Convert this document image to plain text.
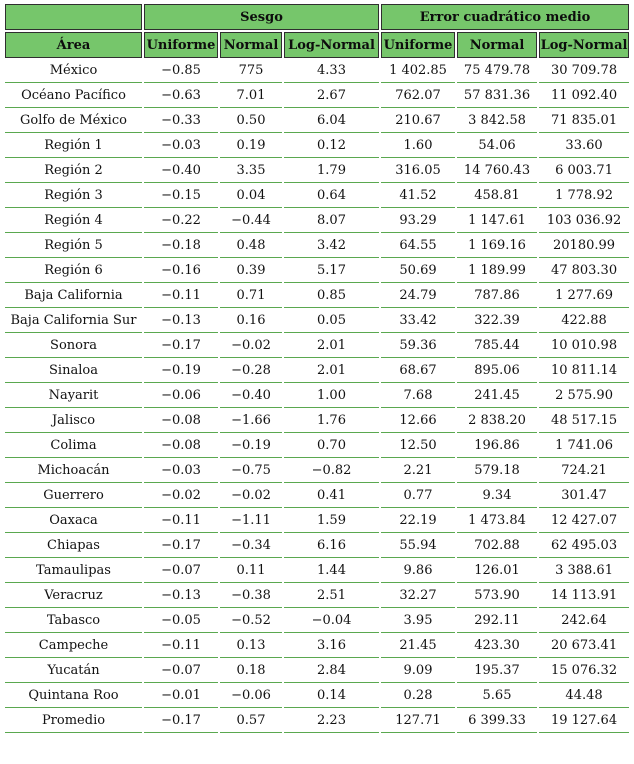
	Sesgo			Error cuadrático medio		

Área	Uniforme	Normal	Log-Normal	Uniforme	Normal	Log-Normal
México	−0.85	775	4.33	1 402.85	75 479.78	30 709.78
Océano Pacífico	−0.63	7.01	2.67	762.07	57 831.36	11 092.40
Golfo de México	−0.33	0.50	6.04	210.67	3 842.58	71 835.01
Región 1	−0.03	0.19	0.12	1.60	54.06	33.60
Región 2	−0.40	3.35	1.79	316.05	14 760.43	6 003.71
Región 3	−0.15	0.04	0.64	41.52	458.81	1 778.92
Región 4	−0.22	−0.44	8.07	93.29	1 147.61	103 036.92
Región 5	−0.18	0.48	3.42	64.55	1 169.16	20180.99
Región 6	−0.16	0.39	5.17	50.69	1 189.99	47 803.30
Baja California	−0.11	0.71	0.85	24.79	787.86	1 277.69
Baja California Sur	−0.13	0.16	0.05	33.42	322.39	422.88
Sonora	−0.17	−0.02	2.01	59.36	785.44	10 010.98
Sinaloa	−0.19	−0.28	2.01	68.67	895.06	10 811.14
Nayarit	−0.06	−0.40	1.00	7.68	241.45	2 575.90
Jalisco	−0.08	−1.66	1.76	12.66	2 838.20	48 517.15
Colima	−0.08	−0.19	0.70	12.50	196.86	1 741.06
Michoacán	−0.03	−0.75	−0.82	2.21	579.18	724.21
Guerrero	−0.02	−0.02	0.41	0.77	9.34	301.47
Oaxaca	−0.11	−1.11	1.59	22.19	1 473.84	12 427.07
Chiapas	−0.17	−0.34	6.16	55.94	702.88	62 495.03
Tamaulipas	−0.07	0.11	1.44	9.86	126.01	3 388.61
Veracruz	−0.13	−0.38	2.51	32.27	573.90	14 113.91
Tabasco	−0.05	−0.52	−0.04	3.95	292.11	242.64
Campeche	−0.11	0.13	3.16	21.45	423.30	20 673.41
Yucatán	−0.07	0.18	2.84	9.09	195.37	15 076.32
Quintana Roo	−0.01	−0.06	0.14	0.28	5.65	44.48
Promedio	−0.17	0.57	2.23	127.71	6 399.33	19 127.64
